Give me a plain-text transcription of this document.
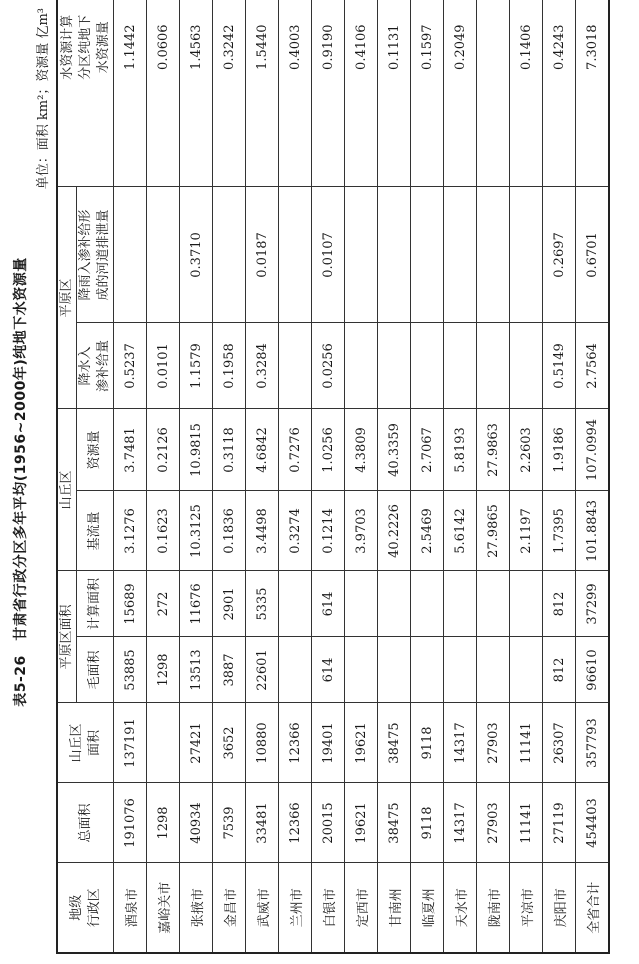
表5-26　甘肃省行政分区多年平均(1956~2000年)纯地下水资源量
单位：面积 km²；资源量 亿m³
地级 行政区	总面积	山丘区 面积	平原区面积		山丘区		平原区		水资源计算 分区纯地下 水资源量
							降水入 渗补给量	降雨入渗补给形 成的河道排泄量	
			毛面积	计算面积	基流量	资源量			
酒泉市	191076	137191	53885	15689	3.1276	3.7481	0.5237		1.1442
嘉峪关市	1298		1298	272	0.1623	0.2126	0.0101		0.0606
张掖市	40934	27421	13513	11676	10.3125	10.9815	1.1579	0.3710	1.4563
金昌市	7539	3652	3887	2901	0.1836	0.3118	0.1958		0.3242
武威市	33481	10880	22601	5335	3.4498	4.6842	0.3284	0.0187	1.5440
兰州市	12366	12366			0.3274	0.7276			0.4003
白银市	20015	19401	614	614	0.1214	1.0256	0.0256	0.0107	0.9190
定西市	19621	19621			3.9703	4.3809			0.4106
甘南州	38475	38475			40.2226	40.3359			0.1131
临夏州	9118	9118			2.5469	2.7067			0.1597
天水市	14317	14317			5.6142	5.8193			0.2049
陇南市	27903	27903			27.9865	27.9863			
平凉市	11141	11141			2.1197	2.2603			0.1406
庆阳市	27119	26307	812	812	1.7395	1.9186	0.5149	0.2697	0.4243
全省合计	454403	357793	96610	37299	101.8843	107.0994	2.7564	0.6701	7.3018
